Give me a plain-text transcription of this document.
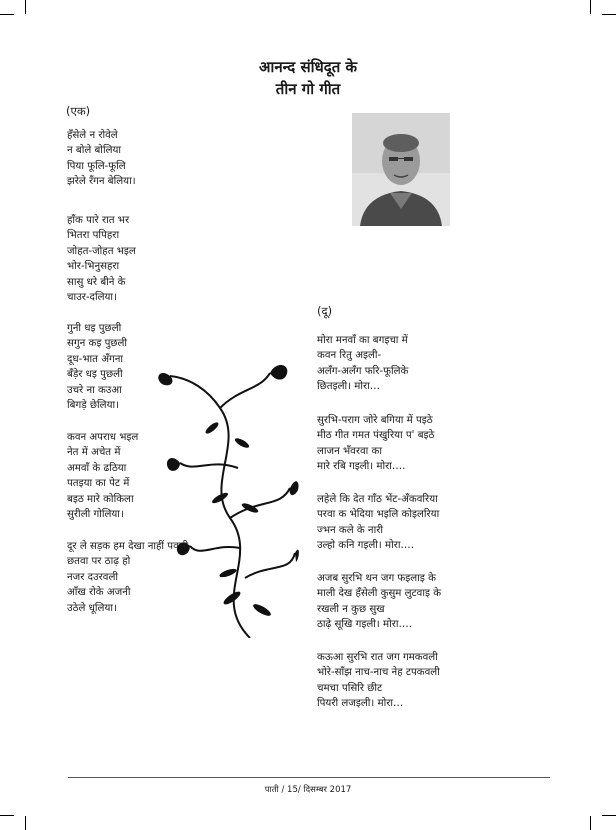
आनन्द संधिदूत के
तीन गो गीत
(एक)
हँसेले न रोवेले
न बोले बोलिया
पिया फूलि-फूलि
झरेले रँगन बेलिया।
हाँक पारे रात भर
भितरा पपिहरा
जोहत-जोहत भइल
भोर-भिनुसहरा
सासु धरे बीने के
चाउर-दलिया।
गुनी धइ पुछली
सगुन कइ पुछली
दूध-भात अँगना
बँड़ेर धइ पुछली
उचरे ना कउआ
बिगड़े छेलिया।
कवन अपराध भइल
नेत में अचेत में
अमवाँ के ढठिया
पतइया का पेट में
बइठ मारे कोकिला
सुरीली गोलिया।
दूर ले सड़क हम देखा नाहीं पवली
छतवा पर ठाढ़ हो
नजर दउरवली
आँख रोके अजनी
उठेले धूलिया।
(दू)
मोरा मनवाँ का बगइचा में
कवन रितु अइली-
अलँग-अलँग फरि-फूलिके
छितइली। मोरा…
सुरभि-पराग जोरे बगिया में पइठे
मीठ गीत गमत पंखुरिया प' बइठे
लाजन भँवरवा का
मारे रबि गइली। मोरा….
लहेले कि देत गाँठ भेंट-अँकवरिया
परवा क भेदिया भइलि कोइलरिया
ज्भन कले के नारी
उल्हो कनि गइली। मोरा….
अजब सुरभि थन जग फइलाइ के
माली देख हँसेली कुसुम लुटवाइ के
रखली न कुछ सुख
ठाढ़े सूखि गइली। मोरा….
कऊआ सुरभि रात जग गमकवली
भोरे-साँझ नाच-नाच नेह टपकवली
चमचा पसिरि छीट
पियरी लजइली। मोरा…
पाती / 15/ दिसम्बर 2017
